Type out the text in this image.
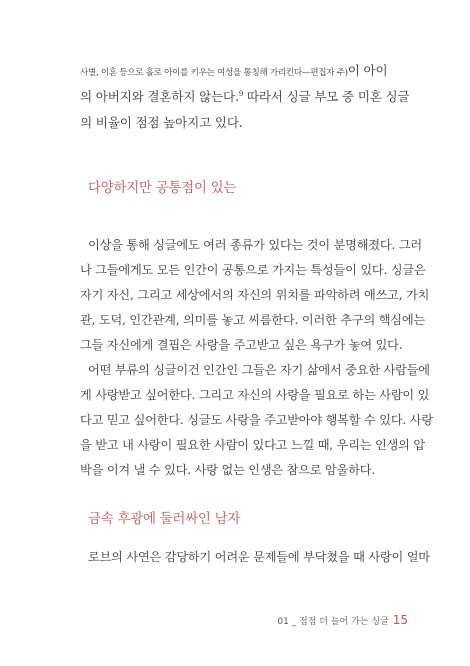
사별, 이혼 등으로 홀로 아이를 키우는 여성을 통칭해 가리킨다—편집자 주)이 아이
의 아버지와 결혼하지 않는다.$^9$ 따라서 싱글 부모 중 미혼 싱글
의 비율이 점점 높아지고 있다.
다양하지만 공통점이 있는
이상을 통해 싱글에도 여러 종류가 있다는 것이 분명해졌다. 그러
나 그들에게도 모든 인간이 공통으로 가지는 특성들이 있다. 싱글은
자기 자신, 그리고 세상에서의 자신의 위치를 파악하려 애쓰고, 가치
관, 도덕, 인간관계, 의미를 놓고 씨름한다. 이러한 추구의 핵심에는
그들 자신에게 결핍은 사랑을 주고받고 싶은 욕구가 놓여 있다.
어떤 부류의 싱글이건 인간인 그들은 자기 삶에서 중요한 사람들에
게 사랑받고 싶어한다. 그리고 자신의 사랑을 필요로 하는 사람이 있
다고 믿고 싶어한다. 싱글도 사랑을 주고받아야 행복할 수 있다. 사랑
을 받고 내 사랑이 필요한 사람이 있다고 느낄 때, 우리는 인생의 압
박을 이겨 낼 수 있다. 사랑 없는 인생은 참으로 암울하다.
금속 후광에 둘러싸인 남자
로브의 사연은 감당하기 어려운 문제들에 부닥쳤을 때 사랑이 얼마
01 _ 점점 더 늘어 가는 싱글 15
